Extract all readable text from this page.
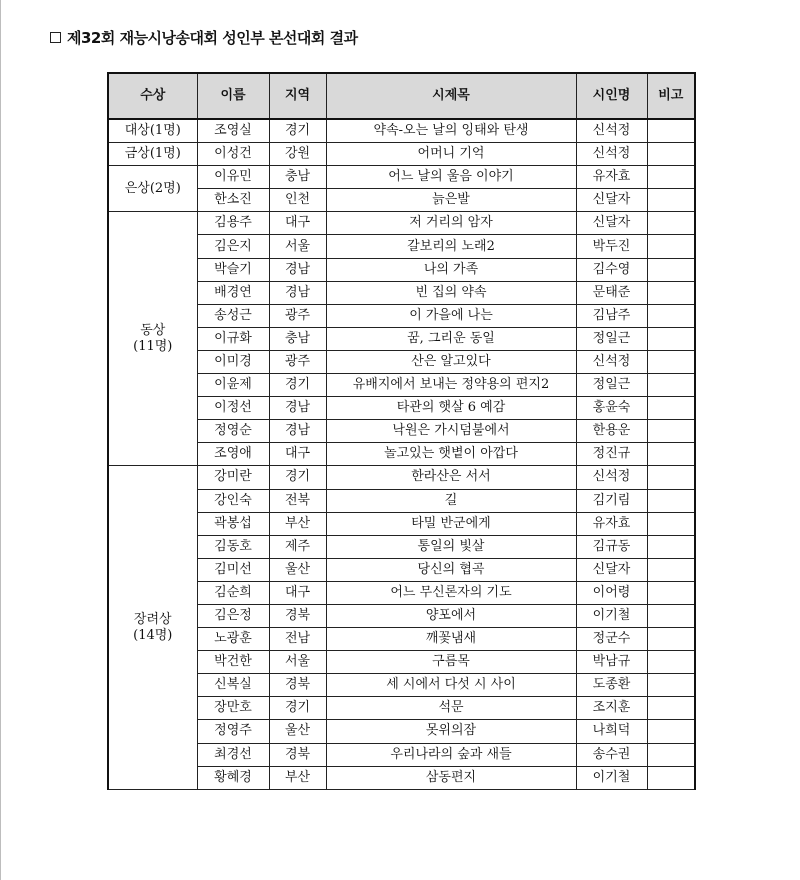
제32회 재능시낭송대회 성인부 본선대회 결과
수상	이름	지역	시제목	시인명	비고

대상(1명)	조영실	경기	약속-오는 날의 잉태와 탄생	신석정	

금상(1명)	이성건	강원	어머니 기억	신석정	

은상(2명)	이유민	충남	어느 날의 울음 이야기	유자효	
	한소진	인천	늙은발	신달자	

동상
(11명)	김용주	대구	저 거리의 암자	신달자	
	김은지	서울	갈보리의 노래2	박두진	
	박슬기	경남	나의 가족	김수영	
	배경연	경남	빈 집의 약속	문태준	
	송성근	광주	이 가을에 나는	김남주	
	이규화	충남	꿈, 그리운 동일	정일근	
	이미경	광주	산은 알고있다	신석정	
	이윤제	경기	유배지에서 보내는 정약용의 편지2	정일근	
	이정선	경남	타관의 햇살 6 예감	홍윤숙	
	정영순	경남	낙원은 가시덤불에서	한용운	
	조영애	대구	놀고있는 햇볕이 아깝다	정진규	

장려상
(14명)	강미란	경기	한라산은 서서	신석정	
	강인숙	전북	길	김기림	
	곽봉섭	부산	타밀 반군에게	유자효	
	김동호	제주	통일의 빛살	김규동	
	김미선	울산	당신의 협곡	신달자	
	김순희	대구	어느 무신론자의 기도	이어령	
	김은정	경북	양포에서	이기철	
	노광훈	전남	깨꽃냄새	정군수	
	박건한	서울	구름목	박남규	
	신복실	경북	세 시에서 다섯 시 사이	도종환	
	장만호	경기	석문	조지훈	
	정영주	울산	못위의잠	나희덕	
	최경선	경북	우리나라의 숲과 새들	송수권	
	황혜경	부산	삼동편지	이기철	
